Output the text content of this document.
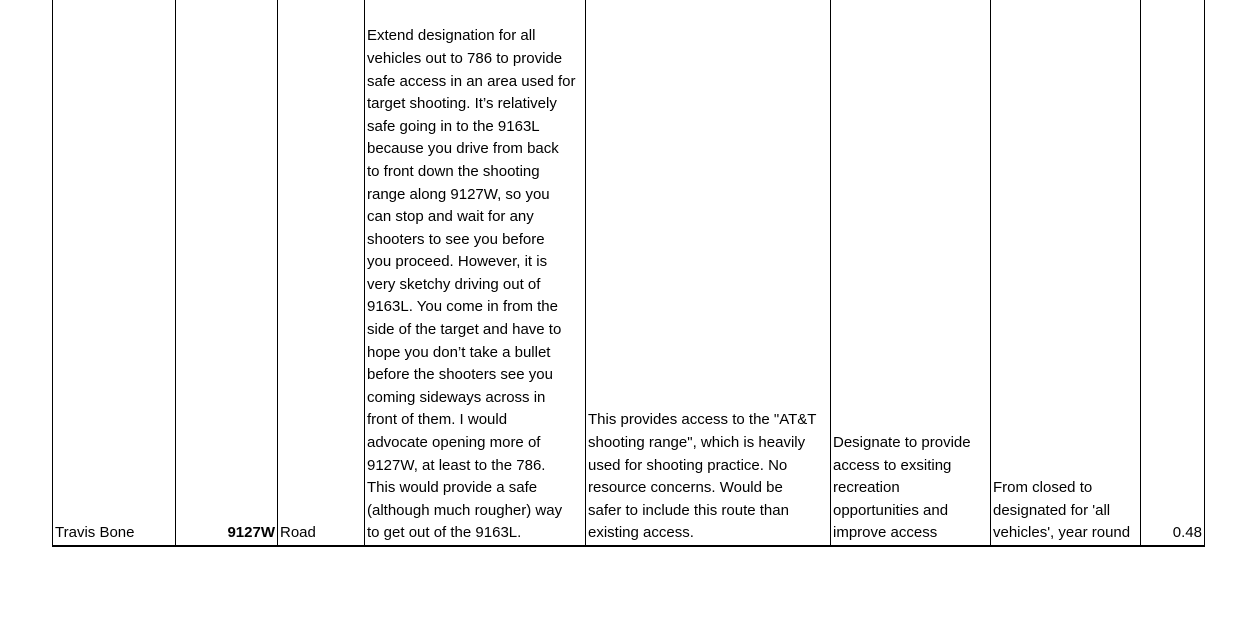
Travis Bone	9127W	Road	Extend designation for all
vehicles out to 786 to provide
safe access in an area used for
target shooting. It’s relatively
safe going in to the 9163L
because you drive from back
to front down the shooting
range along 9127W, so you
can stop and wait for any
shooters to see you before
you proceed. However, it is
very sketchy driving out of
9163L. You come in from the
side of the target and have to
hope you don’t take a bullet
before the shooters see you
coming sideways across in
front of them. I would
advocate opening more of
9127W, at least to the 786.
This would provide a safe
(although much rougher) way
to get out of the 9163L.	This provides access to the "AT&T
shooting range", which is heavily
used for shooting practice. No
resource concerns. Would be
safer to include this route than
existing access.	Designate to provide
access to exsiting
recreation
opportunities and
improve access	From closed to
designated for 'all
vehicles', year round	0.48
